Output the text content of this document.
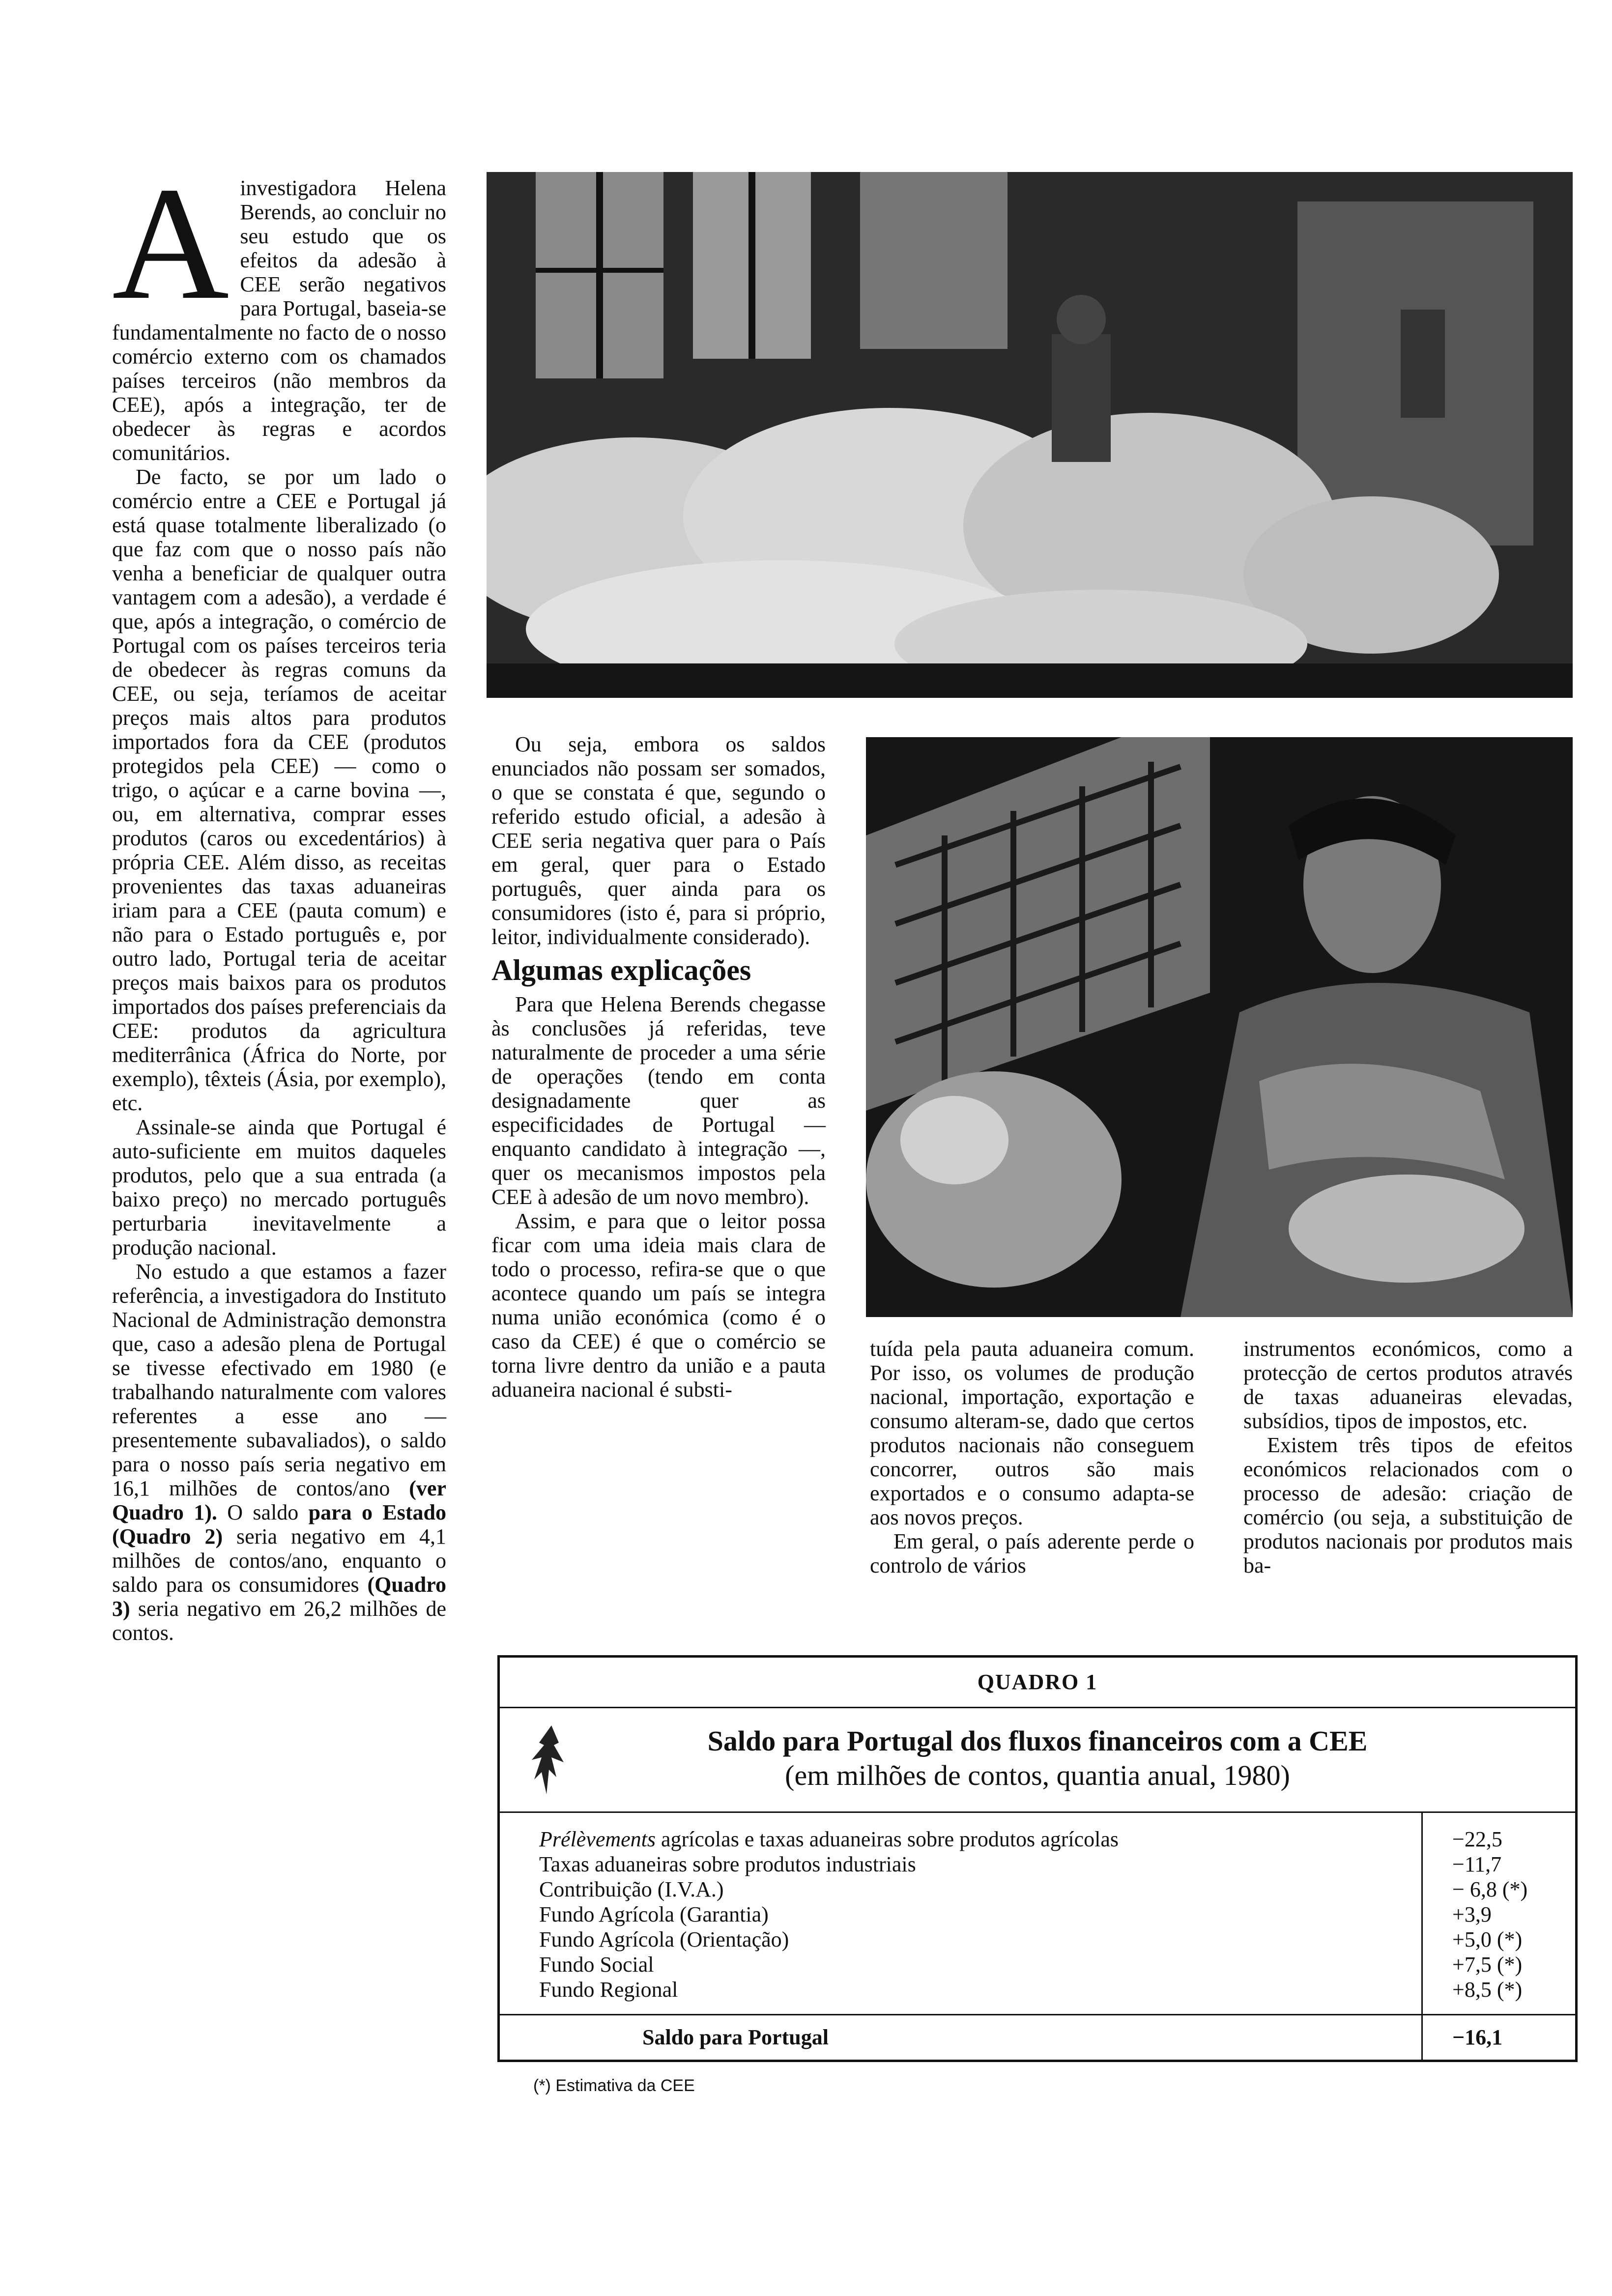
Ainvestigadora Helena Berends, ao concluir no seu estudo que os efeitos da adesão à CEE serão negativos para Portugal, baseia-se fundamentalmente no facto de o nosso comércio externo com os chamados países terceiros (não membros da CEE), após a integração, ter de obedecer às regras e acordos comunitários.

De facto, se por um lado o comércio entre a CEE e Portugal já está quase totalmente liberalizado (o que faz com que o nosso país não venha a beneficiar de qualquer outra vantagem com a adesão), a verdade é que, após a integração, o comércio de Portugal com os países terceiros teria de obedecer às regras comuns da CEE, ou seja, teríamos de aceitar preços mais altos para produtos importados fora da CEE (produtos protegidos pela CEE) — como o trigo, o açúcar e a carne bovina —, ou, em alternativa, comprar esses produtos (caros ou excedentários) à própria CEE. Além disso, as receitas provenientes das taxas aduaneiras iriam para a CEE (pauta comum) e não para o Estado português e, por outro lado, Portugal teria de aceitar preços mais baixos para os produtos importados dos países preferenciais da CEE: produtos da agricultura mediterrânica (África do Norte, por exemplo), têxteis (Ásia, por exemplo), etc.

Assinale-se ainda que Portugal é auto-suficiente em muitos daqueles produtos, pelo que a sua entrada (a baixo preço) no mercado português perturbaria inevitavelmente a produção nacional.

No estudo a que estamos a fazer referência, a investigadora do Instituto Nacional de Administração demonstra que, caso a adesão plena de Portugal se tivesse efectivado em 1980 (e trabalhando naturalmente com valores referentes a esse ano — presentemente subavaliados), o saldo para o nosso país seria negativo em 16,1 milhões de contos/ano (ver Quadro 1). O saldo para o Estado (Quadro 2) seria negativo em 4,1 milhões de contos/ano, enquanto o saldo para os consumidores (Quadro 3) seria negativo em 26,2 milhões de contos.

Ou seja, embora os saldos enunciados não possam ser somados, o que se constata é que, segundo o referido estudo oficial, a adesão à CEE seria negativa quer para o País em geral, quer para o Estado português, quer ainda para os consumidores (isto é, para si próprio, leitor, individualmente considerado).

Algumas explicações

Para que Helena Berends chegasse às conclusões já referidas, teve naturalmente de proceder a uma série de operações (tendo em conta designadamente quer as especificidades de Portugal — enquanto candidato à integração —, quer os mecanismos impostos pela CEE à adesão de um novo membro).

Assim, e para que o leitor possa ficar com uma ideia mais clara de todo o processo, refira-se que o que acontece quando um país se integra numa união económica (como é o caso da CEE) é que o comércio se torna livre dentro da união e a pauta aduaneira nacional é substi-

tuída pela pauta aduaneira comum. Por isso, os volumes de produção nacional, importação, exportação e consumo alteram-se, dado que certos produtos nacionais não conseguem concorrer, outros são mais exportados e o consumo adapta-se aos novos preços.

Em geral, o país aderente perde o controlo de vários

instrumentos económicos, como a protecção de certos produtos através de taxas aduaneiras elevadas, subsídios, tipos de impostos, etc.

Existem três tipos de efeitos económicos relacionados com o processo de adesão: criação de comércio (ou seja, a substituição de produtos nacionais por produtos mais ba-

QUADRO 1
Saldo para Portugal dos fluxos financeiros com a CEE
(em milhões de contos, quantia anual, 1980)
Prélèvements agrícolas e taxas aduaneiras sobre produtos agrícolas	−22,5
Taxas aduaneiras sobre produtos industriais	−11,7
Contribuição (I.V.A.)	− 6,8 (*)
Fundo Agrícola (Garantia)	+3,9
Fundo Agrícola (Orientação)	+5,0 (*)
Fundo Social	+7,5 (*)
Fundo Regional	+8,5 (*)
Saldo para Portugal	−16,1
(*) Estimativa da CEE
